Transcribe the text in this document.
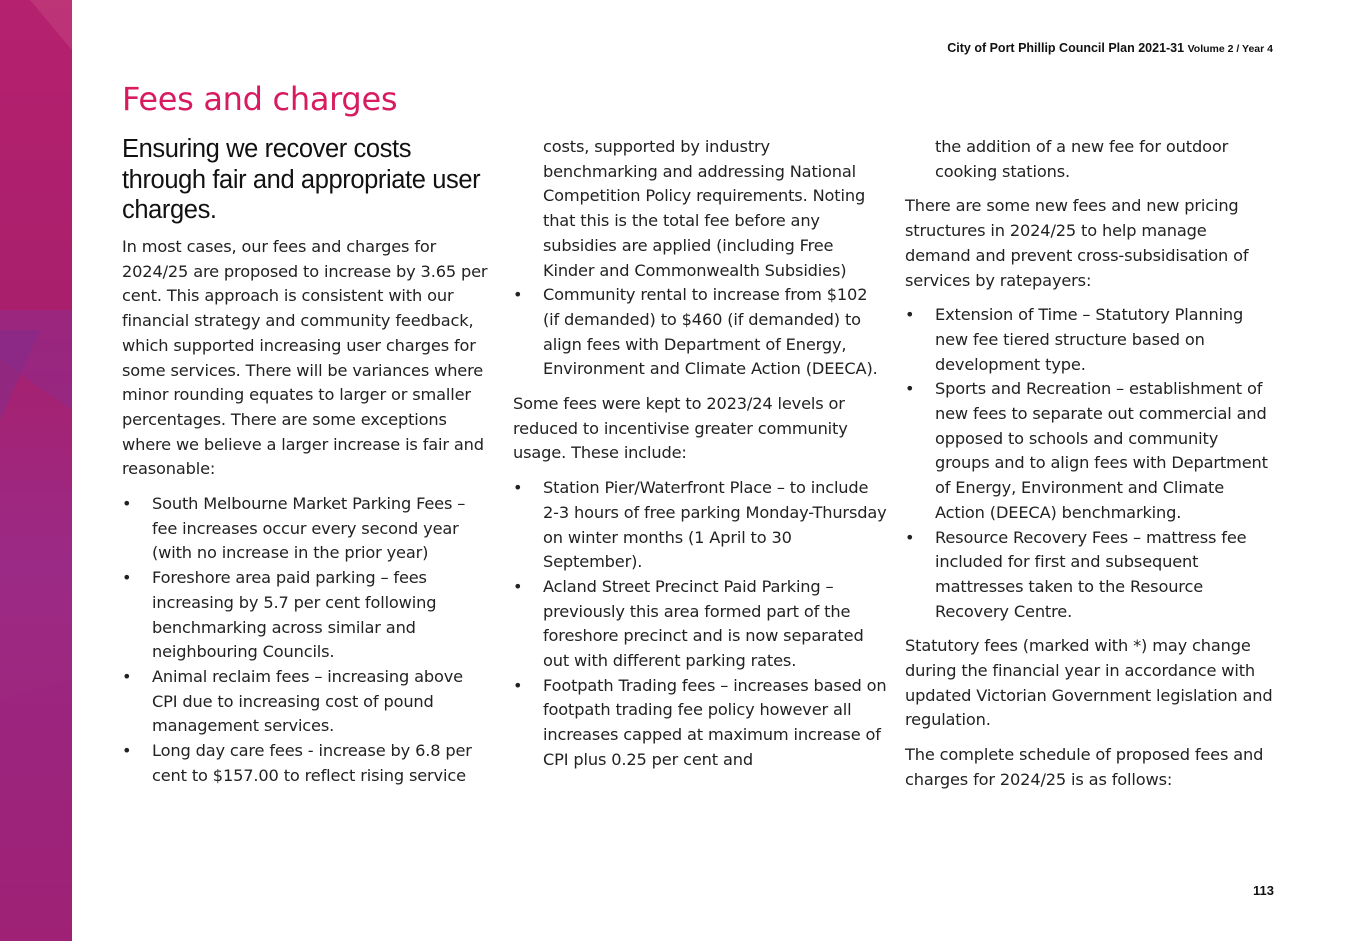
City of Port Phillip Council Plan 2021-31 Volume 2 / Year 4
Fees and charges
Ensuring we recover costs through fair and appropriate user charges.

In most cases, our fees and charges for 2024/25 are proposed to increase by 3.65 per cent. This approach is consistent with our financial strategy and community feedback, which supported increasing user charges for some services. There will be variances where minor rounding equates to larger or smaller percentages. There are some exceptions where we believe a larger increase is fair and reasonable:

• South Melbourne Market Parking Fees – fee increases occur every second year (with no increase in the prior year)
• Foreshore area paid parking – fees increasing by 5.7 per cent following benchmarking across similar and neighbouring Councils.
• Animal reclaim fees – increasing above CPI due to increasing cost of pound management services.
• Long day care fees - increase by 6.8 per cent to $157.00 to reflect rising service

costs, supported by industry benchmarking and addressing National Competition Policy requirements. Noting that this is the total fee before any subsidies are applied (including Free Kinder and Commonwealth Subsidies)

• Community rental to increase from $102 (if demanded) to $460 (if demanded) to align fees with Department of Energy, Environment and Climate Action (DEECA).

Some fees were kept to 2023/24 levels or reduced to incentivise greater community usage. These include:

• Station Pier/Waterfront Place – to include 2-3 hours of free parking Monday-Thursday on winter months (1 April to 30 September).
• Acland Street Precinct Paid Parking – previously this area formed part of the foreshore precinct and is now separated out with different parking rates.
• Footpath Trading fees – increases based on footpath trading fee policy however all increases capped at maximum increase of CPI plus 0.25 per cent and

the addition of a new fee for outdoor cooking stations.

There are some new fees and new pricing structures in 2024/25 to help manage demand and prevent cross-subsidisation of services by ratepayers:

• Extension of Time – Statutory Planning new fee tiered structure based on development type.
• Sports and Recreation – establishment of new fees to separate out commercial and opposed to schools and community groups and to align fees with Department of Energy, Environment and Climate Action (DEECA) benchmarking.
• Resource Recovery Fees – mattress fee included for first and subsequent mattresses taken to the Resource Recovery Centre.

Statutory fees (marked with *) may change during the financial year in accordance with updated Victorian Government legislation and regulation.

The complete schedule of proposed fees and charges for 2024/25 is as follows:

113
